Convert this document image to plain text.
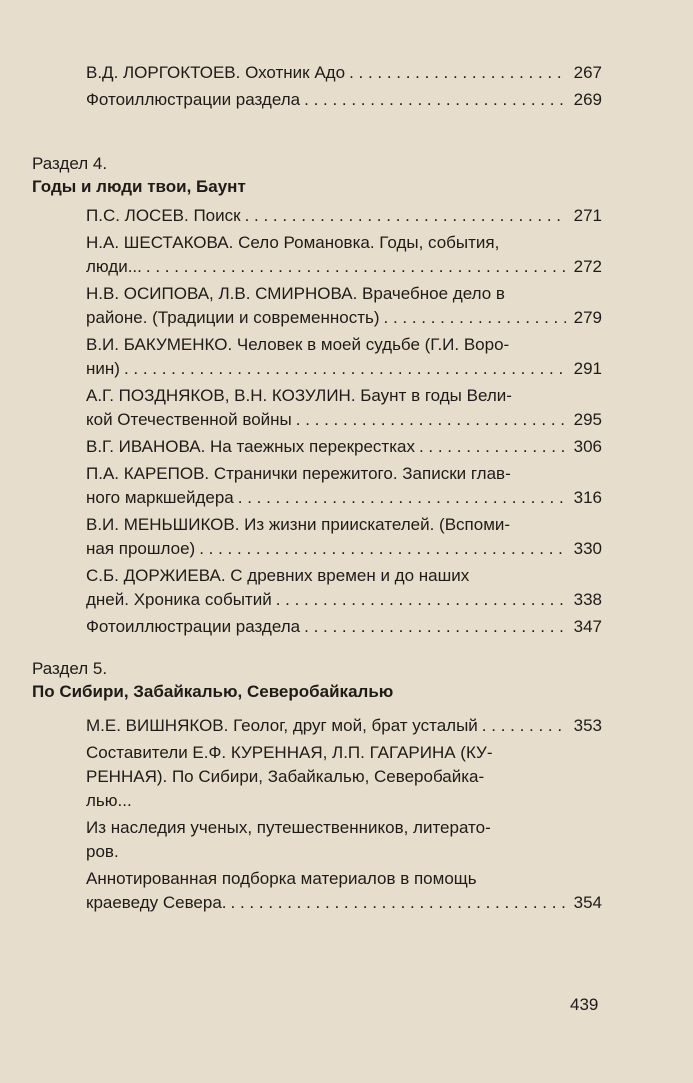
В.Д. ЛОРГОКТОЕВ. Охотник Адо . . .	267
Фотоиллюстрации раздела . . .	269
Раздел 4.
Годы и люди твои, Баунт
П.С. ЛОСЕВ. Поиск . . .	271
Н.А. ШЕСТАКОВА. Село Романовка. Годы, события,
люди... . . .	272
Н.В. ОСИПОВА, Л.В. СМИРНОВА. Врачебное дело в
районе. (Традиции и современность) . . .	279
В.И. БАКУМЕНКО. Человек в моей судьбе (Г.И. Воро-
нин) . . .	291
А.Г. ПОЗДНЯКОВ, В.Н. КОЗУЛИН. Баунт в годы Вели-
кой Отечественной войны . . .	295
В.Г. ИВАНОВА. На таежных перекрестках . . .	306
П.А. КАРЕПОВ. Странички пережитого. Записки глав-
ного маркшейдера . . .	316
В.И. МЕНЬШИКОВ. Из жизни приискателей. (Вспоми-
ная прошлое) . . .	330
С.Б. ДОРЖИЕВА. С древних времен и до наших
дней. Хроника событий . . .	338
Фотоиллюстрации раздела . . .	347
Раздел 5.
По Сибири, Забайкалью, Северобайкалью
М.Е. ВИШНЯКОВ. Геолог, друг мой, брат усталый . . .	353
Составители Е.Ф. КУРЕННАЯ, Л.П. ГАГАРИНА (КУ-
РЕННАЯ). По Сибири, Забайкалью, Северобайка-
лью...
Из наследия ученых, путешественников, литерато-
ров.
Аннотированная подборка материалов в помощь
краеведу Севера. . . .	354
439
